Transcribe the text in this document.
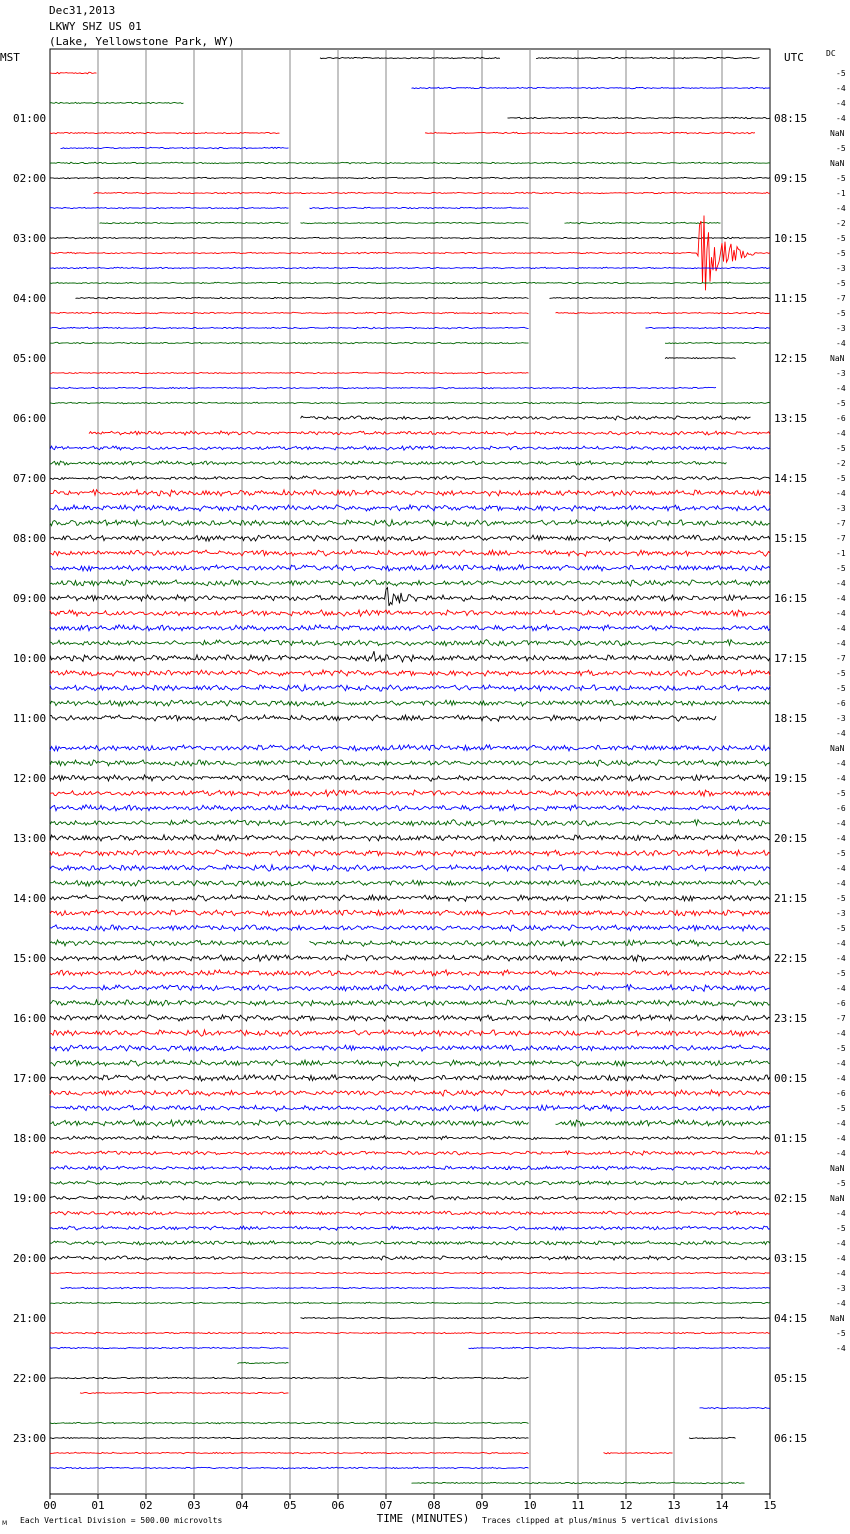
Dec31,2013
LKWY SHZ US 01
(Lake, Yellowstone Park, WY)
00	01	02	03	04	05	06	07	08	09	10	11	12	13	14	15
TIME (MINUTES)
Each Vertical Division = 500.00 microvolts	Traces clipped at plus/minus 5 vertical divisions
M
MST	UTC	DC
01:00	08:15
02:00	09:15
03:00	10:15
04:00	11:15
05:00	12:15
06:00	13:15
07:00	14:15
08:00	15:15
09:00	16:15
10:00	17:15
11:00	18:15
12:00	19:15
13:00	20:15
14:00	21:15
15:00	22:15
16:00	23:15
17:00	00:15
18:00	01:15
19:00	02:15
20:00	03:15
21:00	04:15
22:00	05:15
23:00	06:15
-5
-4
-4
-4
NaN
-5
NaN
-5
-1
-4
-2
-5
-5
-3
-5
-7
-5
-3
-4
NaN
-3
-4
-5
-6
-4
-5
-2
-5
-4
-3
-7
-7
-1
-5
-4
-4
-4
-4
-4
-7
-5
-5
-6
-3
-4
NaN
-4
-4
-5
-6
-4
-4
-5
-4
-4
-5
-3
-5
-4
-4
-5
-4
-6
-7
-4
-5
-4
-4
-6
-5
-4
-4
-4
NaN
-5
NaN
-4
-5
-4
-4
-4
-3
-4
NaN
-5
-4
